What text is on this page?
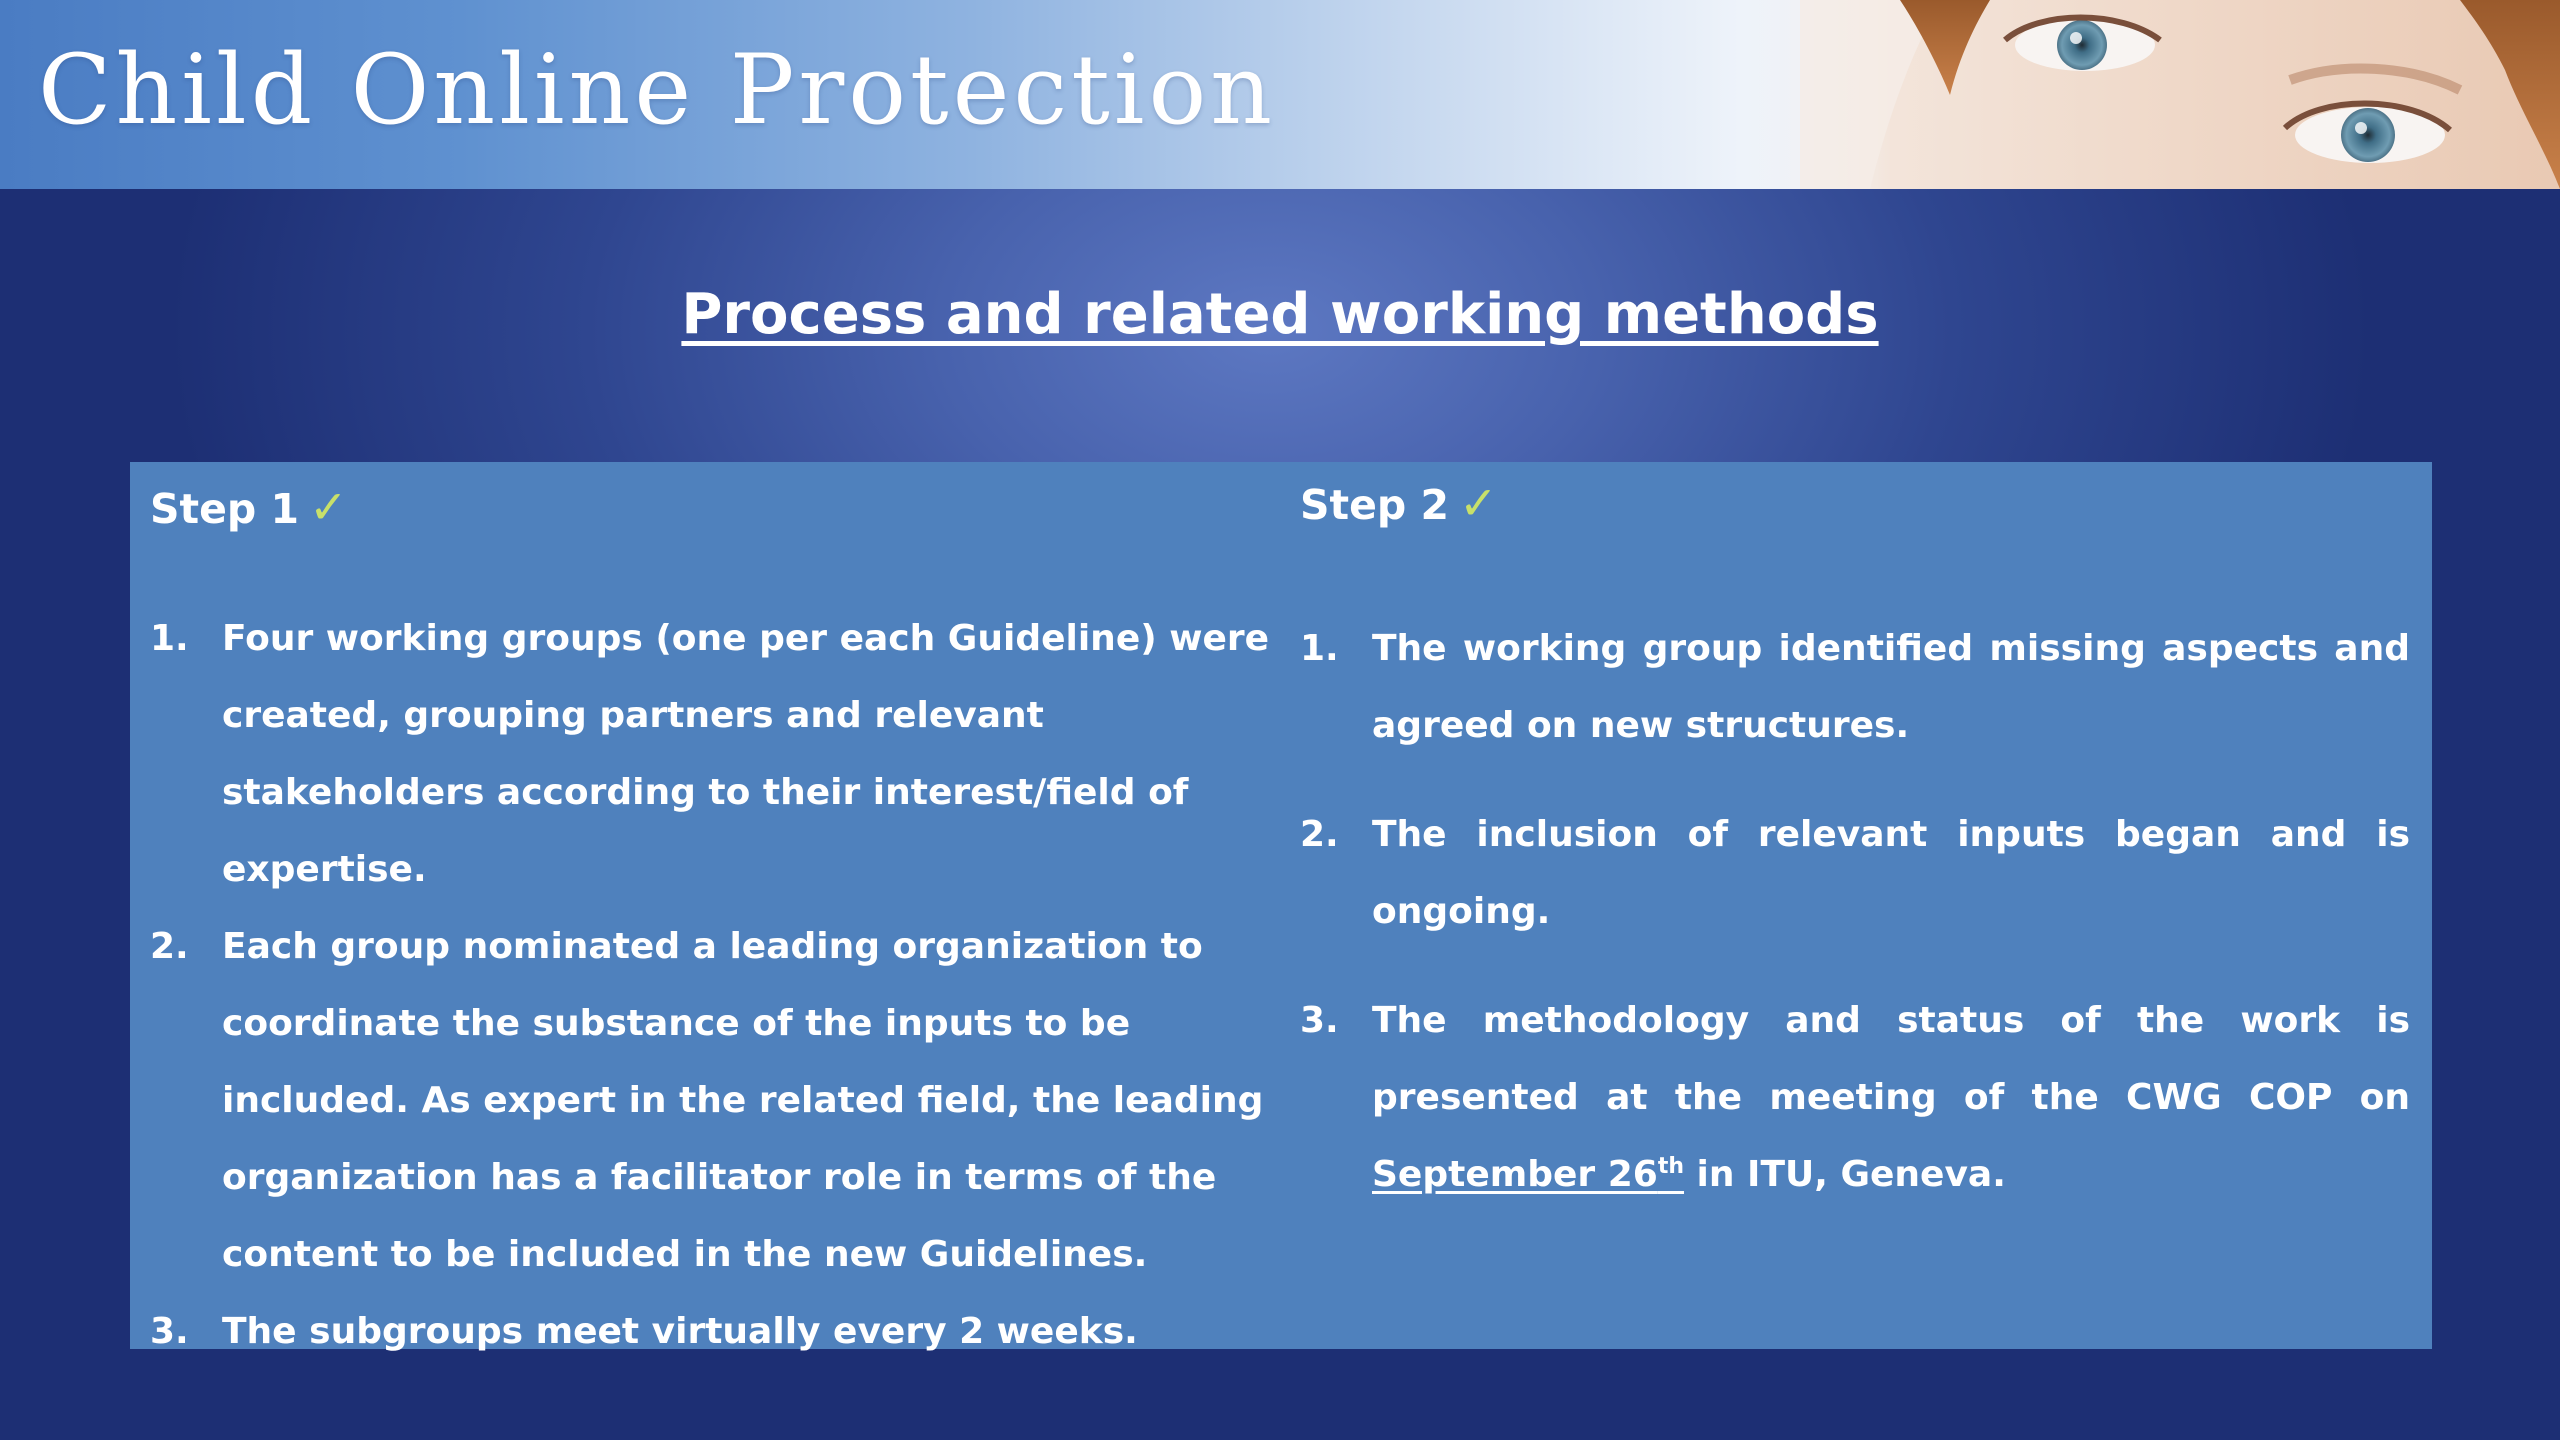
Child Online Protection
Process and related working methods
Step 1 ✓
1. Four working groups (one per each Guideline) were created, grouping partners and relevant stakeholders according to their interest/field of expertise.
2. Each group nominated a leading organization to coordinate the substance of the inputs to be included. As expert in the related field, the leading organization has a facilitator role in terms of the content to be included in the new Guidelines.
3. The subgroups meet virtually every 2 weeks.
Step 2 ✓
1. The working group identified missing aspects and agreed on new structures.
2. The inclusion of relevant inputs began and is ongoing.
3. The methodology and status of the work is presented at the meeting of the CWG COP on September 26th in ITU, Geneva.
